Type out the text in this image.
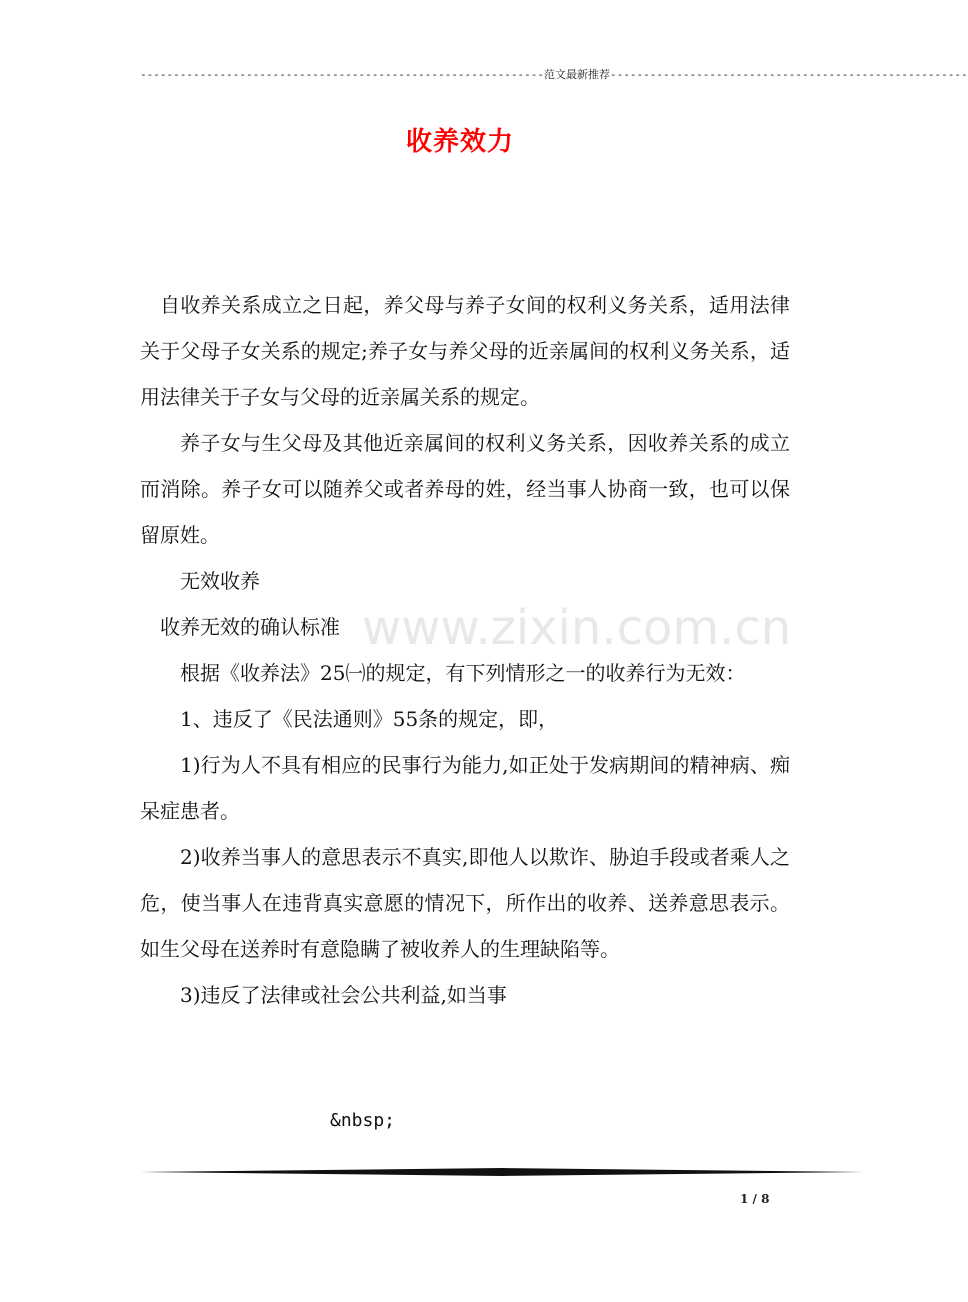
-------------------------------------------------------------范文最新推荐------------------------------------------------------
收养效力
www.zixin.com.cn

自收养关系成立之日起，养父母与养子女间的权利义务关系，适用法律关于父母子女关系的规定;养子女与养父母的近亲属间的权利义务关系，适用法律关于子女与父母的近亲属关系的规定。

养子女与生父母及其他近亲属间的权利义务关系，因收养关系的成立而消除。养子女可以随养父或者养母的姓，经当事人协商一致，也可以保留原姓。

无效收养

收养无效的确认标准

根据《收养法》25㈠的规定，有下列情形之一的收养行为无效：

1、违反了《民法通则》55条的规定，即，

1)行为人不具有相应的民事行为能力,如正处于发病期间的精神病、痴呆症患者。

2)收养当事人的意思表示不真实,即他人以欺诈、胁迫手段或者乘人之危，使当事人在违背真实意愿的情况下，所作出的收养、送养意思表示。如生父母在送养时有意隐瞒了被收养人的生理缺陷等。

3)违反了法律或社会公共利益,如当事

&nbsp;
1 / 8
